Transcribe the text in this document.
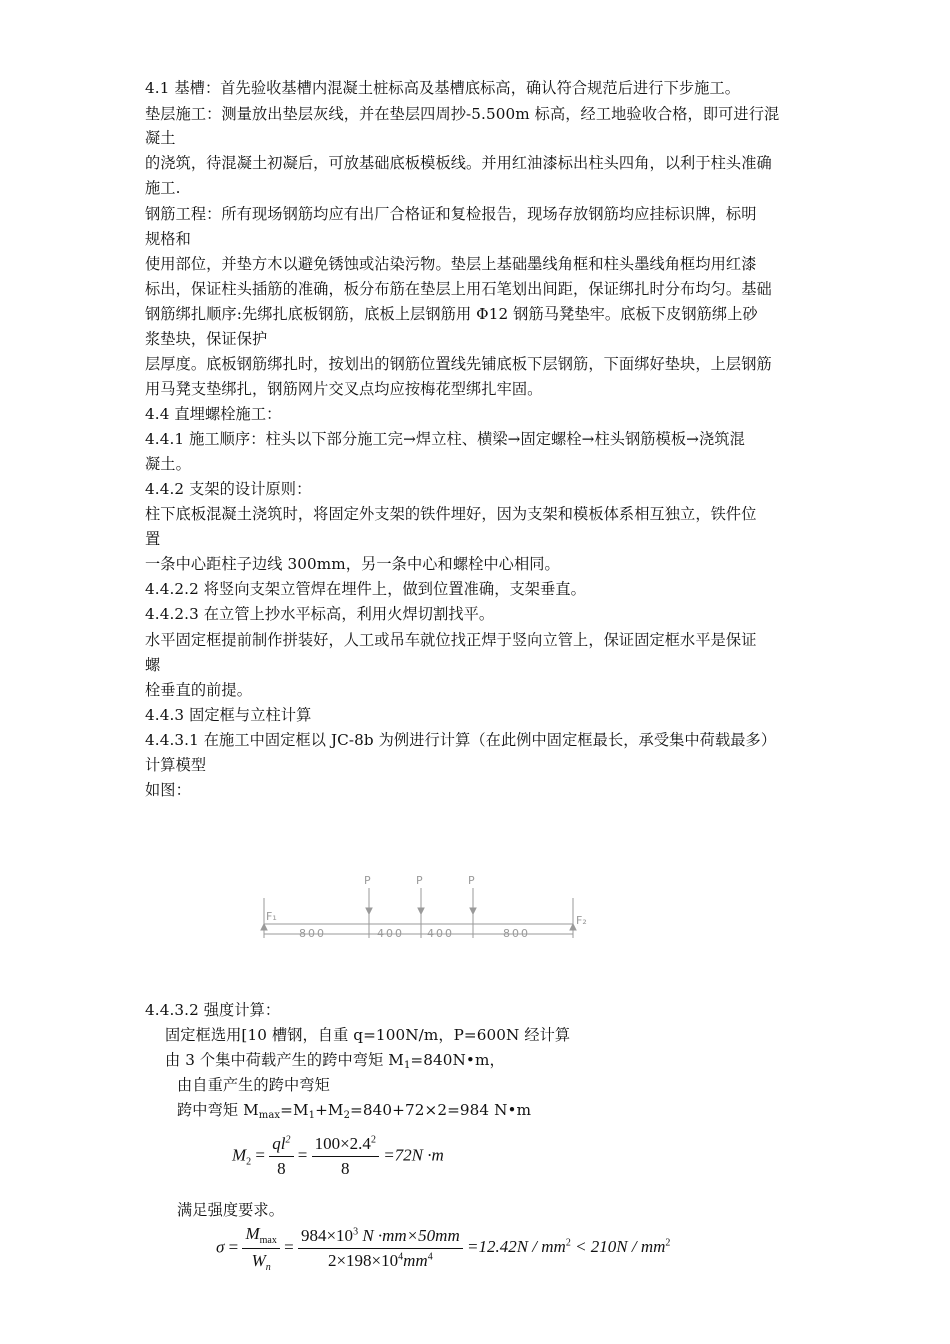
4.1 基槽：首先验收基槽内混凝土桩标高及基槽底标高，确认符合规范后进行下步施工。
垫层施工：测量放出垫层灰线，并在垫层四周抄-5.500m 标高，经工地验收合格，即可进行混
凝土
的浇筑，待混凝土初凝后，可放基础底板模板线。并用红油漆标出柱头四角，以利于柱头准确
施工.
钢筋工程：所有现场钢筋均应有出厂合格证和复检报告，现场存放钢筋均应挂标识牌，标明
规格和
使用部位，并垫方木以避免锈蚀或沾染污物。垫层上基础墨线角框和柱头墨线角框均用红漆
标出，保证柱头插筋的准确，板分布筋在垫层上用石笔划出间距，保证绑扎时分布均匀。基础
钢筋绑扎顺序:先绑扎底板钢筋，底板上层钢筋用 Φ12 钢筋马凳垫牢。底板下皮钢筋绑上砂
浆垫块，保证保护
层厚度。底板钢筋绑扎时，按划出的钢筋位置线先铺底板下层钢筋，下面绑好垫块，上层钢筋
用马凳支垫绑扎，钢筋网片交叉点均应按梅花型绑扎牢固。
4.4 直埋螺栓施工：
4.4.1 施工顺序：柱头以下部分施工完→焊立柱、横梁→固定螺栓→柱头钢筋模板→浇筑混
凝土。
4.4.2 支架的设计原则：
柱下底板混凝土浇筑时，将固定外支架的铁件埋好，因为支架和模板体系相互独立，铁件位
置
一条中心距柱子边线 300mm，另一条中心和螺栓中心相同。
4.4.2.2 将竖向支架立管焊在埋件上，做到位置准确，支架垂直。
4.4.2.3 在立管上抄水平标高，利用火焊切割找平。
水平固定框提前制作拼装好，人工或吊车就位找正焊于竖向立管上，保证固定框水平是保证
螺
栓垂直的前提。
4.4.3 固定框与立柱计算
4.4.3.1 在施工中固定框以 JC-8b 为例进行计算（在此例中固定框最长，承受集中荷载最多）
计算模型
如图：
P	P	P
F₁	F₂
800	400 400	800
4.4.3.2 强度计算：
固定框选用[10 槽钢，自重 q=100N/m，P=600N 经计算
由 3 个集中荷载产生的跨中弯矩 $M_1=840N•m$，
由自重产生的跨中弯矩
跨中弯矩 $M_{max}=M_1+M_2=840+72\times 2=984$ N•m
$M_2 = \frac{ql^2}{8} = \frac{100\times 2.4^2}{8} =72N \cdot m$
满足强度要求。
$\sigma = \frac{M_{max}}{W_n} = \frac{984\times 10^3 N \cdot mm\times 50mm}{2\times 198\times 10^4mm^4} =12.42N / mm^2 < 210N / mm^2$
